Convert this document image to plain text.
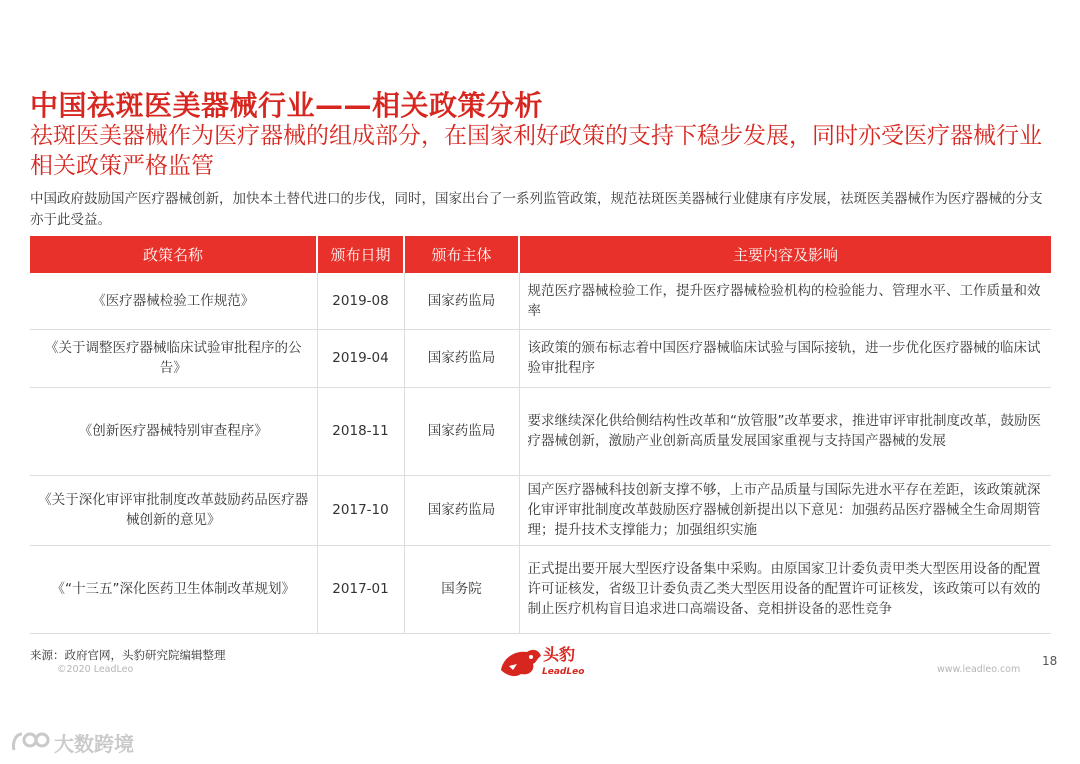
中国祛斑医美器械行业——相关政策分析
祛斑医美器械作为医疗器械的组成部分，在国家利好政策的支持下稳步发展，同时亦受医疗器械行业相关政策严格监管
中国政府鼓励国产医疗器械创新，加快本土替代进口的步伐，同时，国家出台了一系列监管政策，规范祛斑医美器械行业健康有序发展，祛斑医美器械作为医疗器械的分支亦于此受益。
政策名称	颁布日期	颁布主体	主要内容及影响
《医疗器械检验工作规范》	2019-08	国家药监局	规范医疗器械检验工作，提升医疗器械检验机构的检验能力、管理水平、工作质量和效率
《关于调整医疗器械临床试验审批程序的公告》	2019-04	国家药监局	该政策的颁布标志着中国医疗器械临床试验与国际接轨，进一步优化医疗器械的临床试验审批程序
《创新医疗器械特别审查程序》	2018-11	国家药监局	要求继续深化供给侧结构性改革和“放管服”改革要求，推进审评审批制度改革，鼓励医疗器械创新，激励产业创新高质量发展国家重视与支持国产器械的发展
《关于深化审评审批制度改革鼓励药品医疗器械创新的意见》	2017-10	国家药监局	国产医疗器械科技创新支撑不够，上市产品质量与国际先进水平存在差距，该政策就深化审评审批制度改革鼓励医疗器械创新提出以下意见：加强药品医疗器械全生命周期管理；提升技术支撑能力；加强组织实施
《“十三五”深化医药卫生体制改革规划》	2017-01	国务院	正式提出要开展大型医疗设备集中采购。由原国家卫计委负责甲类大型医用设备的配置许可证核发，省级卫计委负责乙类大型医用设备的配置许可证核发，该政策可以有效的制止医疗机构盲目追求进口高端设备、竞相拼设备的恶性竞争
来源：政府官网，头豹研究院编辑整理
©2020 LeadLeo
头豹
LeadLeo	www.leadleo.com
18
大数跨境
